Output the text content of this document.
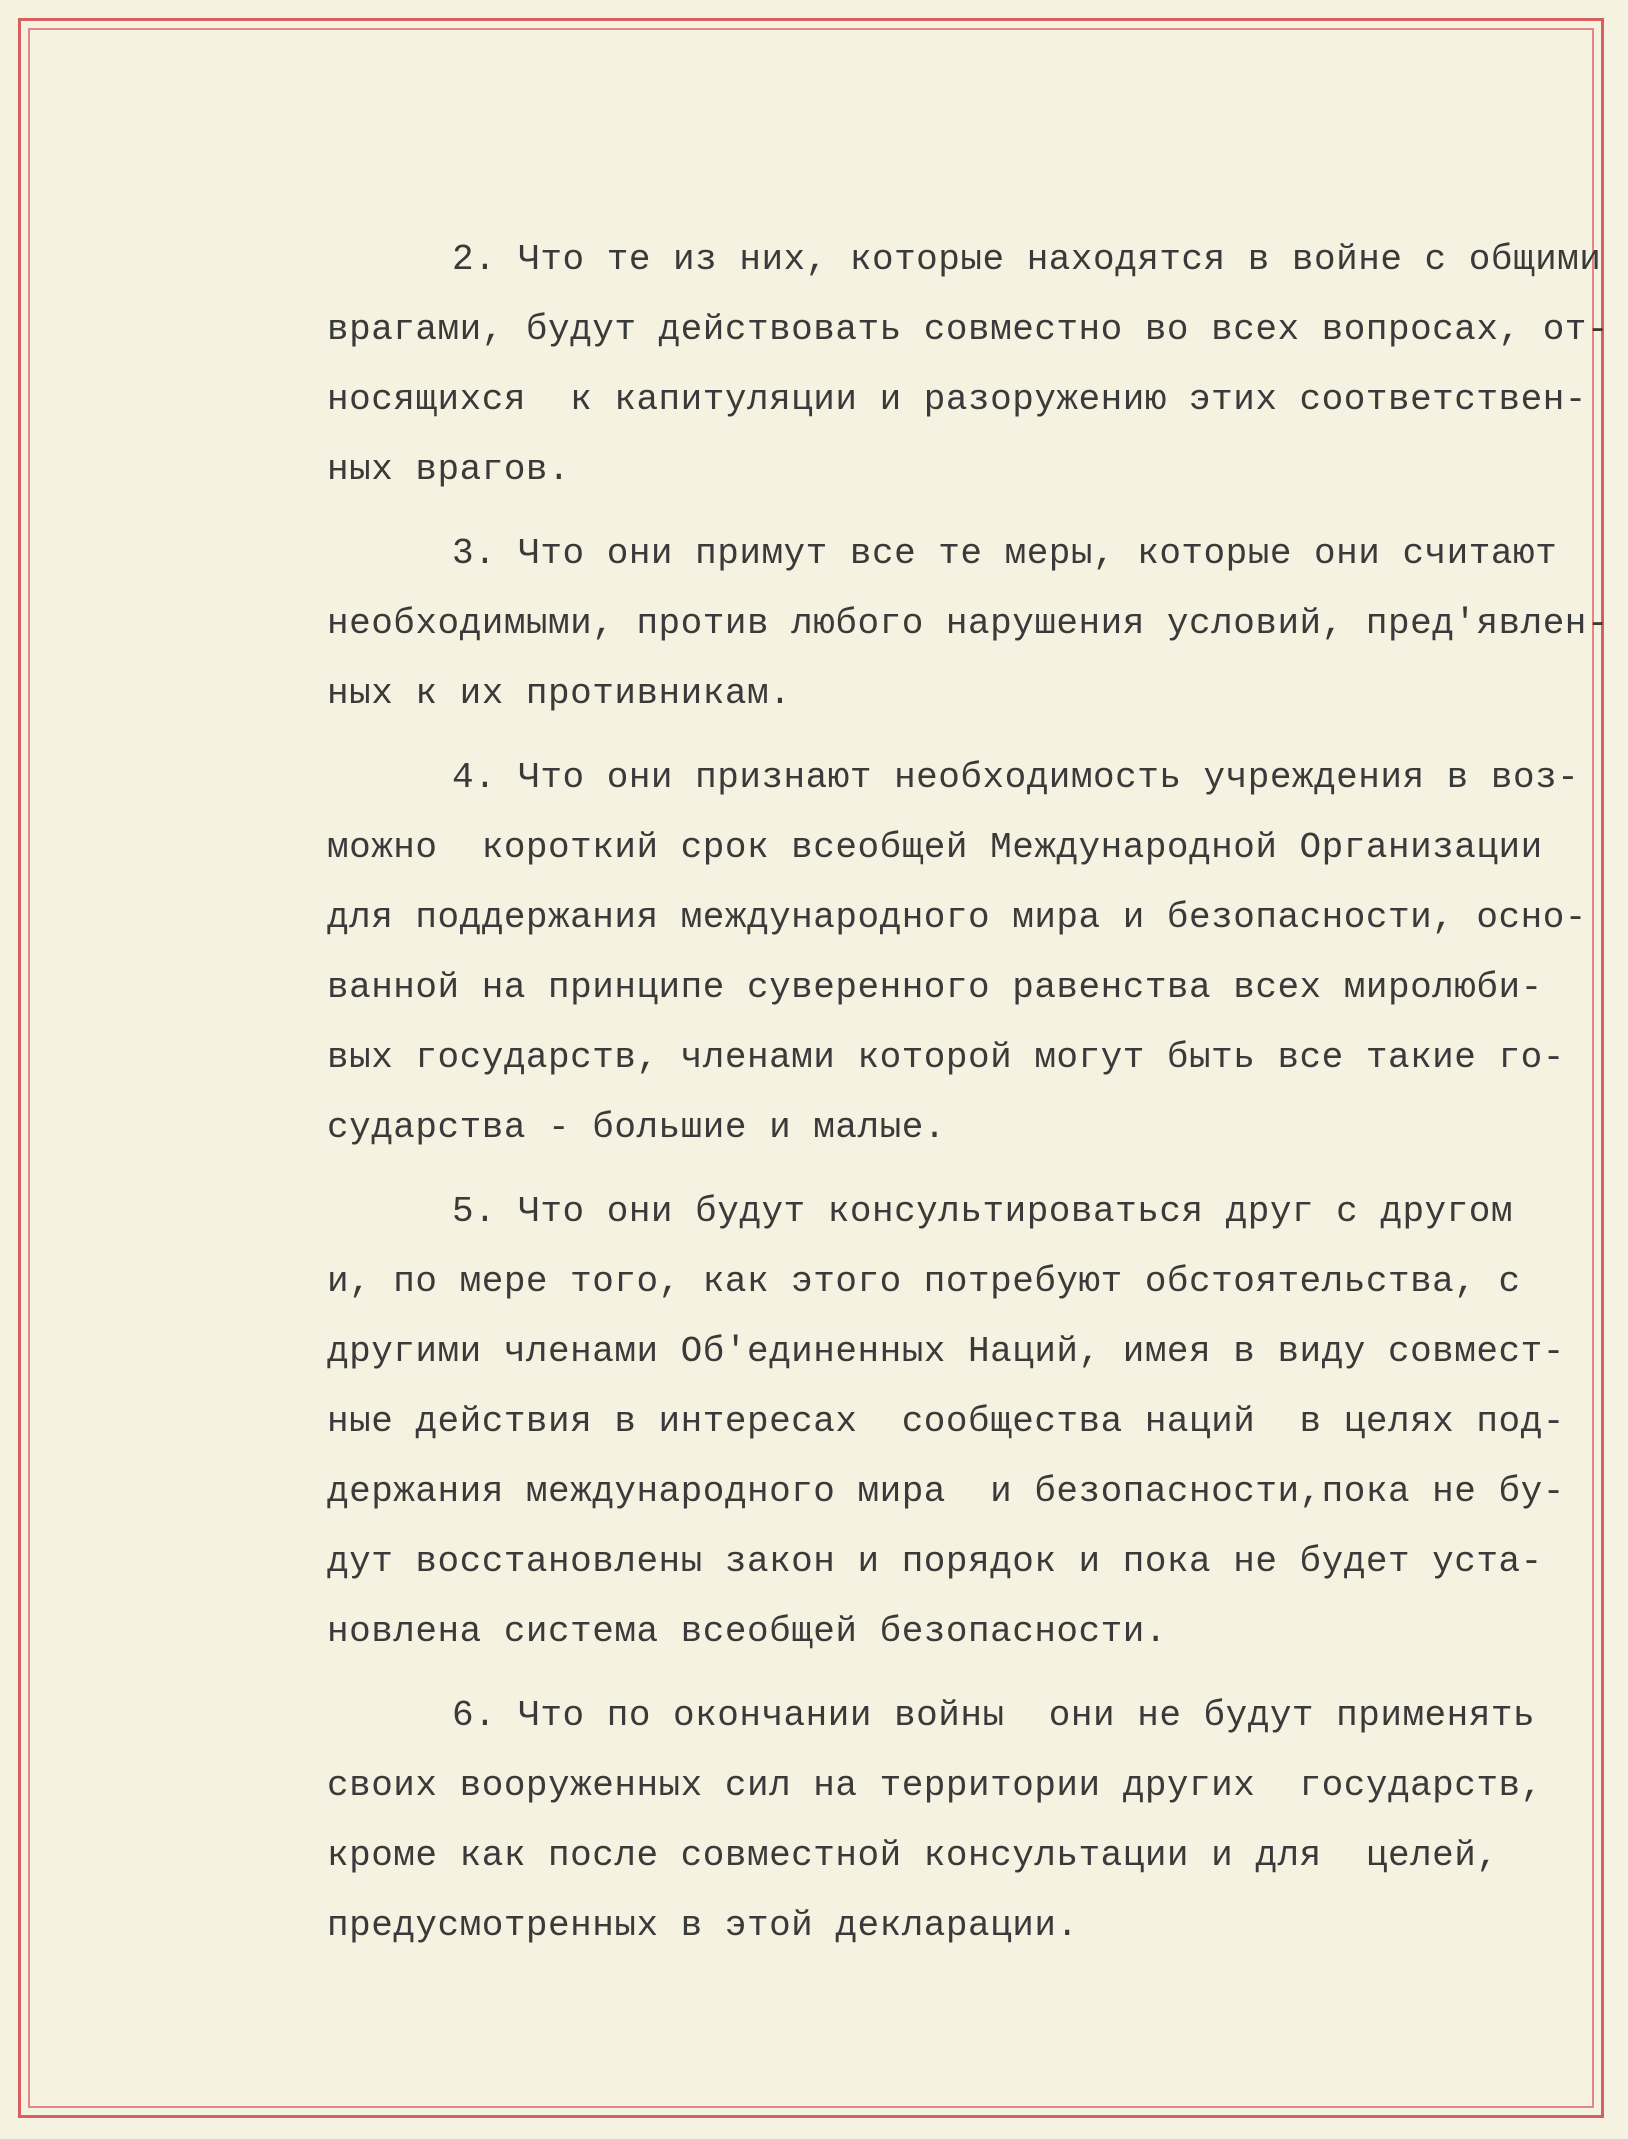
2. Что те из них, которые находятся в войне с общими
врагами, будут действовать совместно во всех вопросах, от-
носящихся  к капитуляции и разоружению этих соответствен-
ных врагов.

3. Что они примут все те меры, которые они считают
необходимыми, против любого нарушения условий, пред'явлен-
ных к их противникам.

4. Что они признают необходимость учреждения в воз-
можно  короткий срок всеобщей Международной Организации
для поддержания международного мира и безопасности, осно-
ванной на принципе суверенного равенства всех миролюби-
вых государств, членами которой могут быть все такие го-
сударства - большие и малые.

5. Что они будут консультироваться друг с другом
и, по мере того, как этого потребуют обстоятельства, с
другими членами Об'единенных Наций, имея в виду совмест-
ные действия в интересах  сообщества наций  в целях под-
держания международного мира  и безопасности,пока не бу-
дут восстановлены закон и порядок и пока не будет уста-
новлена система всеобщей безопасности.

6. Что по окончании войны  они не будут применять
своих вооруженных сил на территории других  государств,
кроме как после совместной консультации и для  целей,
предусмотренных в этой декларации.
